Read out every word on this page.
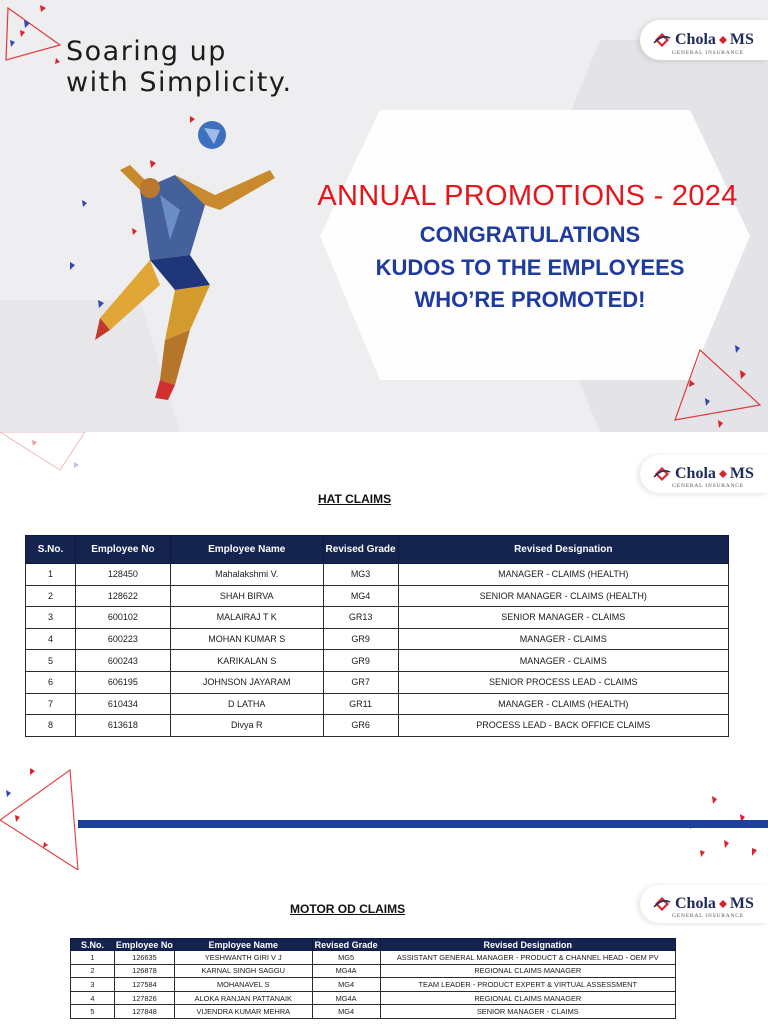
Soaring up
with Simplicity.
ANNUAL PROMOTIONS - 2024
CONGRATULATIONS
KUDOS TO THE EMPLOYEES
WHO’RE PROMOTED!
Chola MS
GENERAL INSURANCE
Chola MS
GENERAL INSURANCE
HAT CLAIMS
S.No.	Employee No	Employee Name	Revised Grade	Revised Designation
1	128450	Mahalakshmi V.	MG3	MANAGER - CLAIMS (HEALTH)
2	128622	SHAH BIRVA	MG4	SENIOR MANAGER - CLAIMS (HEALTH)
3	600102	MALAIRAJ T K	GR13	SENIOR MANAGER - CLAIMS
4	600223	MOHAN KUMAR S	GR9	MANAGER - CLAIMS
5	600243	KARIKALAN S	GR9	MANAGER - CLAIMS
6	606195	JOHNSON JAYARAM	GR7	SENIOR PROCESS LEAD - CLAIMS
7	610434	D LATHA	GR11	MANAGER - CLAIMS (HEALTH)
8	613618	Divya R	GR6	PROCESS LEAD - BACK OFFICE CLAIMS
Chola MS
GENERAL INSURANCE
MOTOR OD CLAIMS
S.No.	Employee No	Employee Name	Revised Grade	Revised Designation
1	126635	YESHWANTH GIRI V J	MG5	ASSISTANT GENERAL MANAGER - PRODUCT & CHANNEL HEAD - OEM PV
2	126878	KARNAL SINGH SAGGU	MG4A	REGIONAL CLAIMS MANAGER
3	127584	MOHANAVEL S	MG4	TEAM LEADER - PRODUCT EXPERT & VIRTUAL ASSESSMENT
4	127826	ALOKA RANJAN PATTANAIK	MG4A	REGIONAL CLAIMS MANAGER
5	127848	VIJENDRA KUMAR MEHRA	MG4	SENIOR MANAGER - CLAIMS
